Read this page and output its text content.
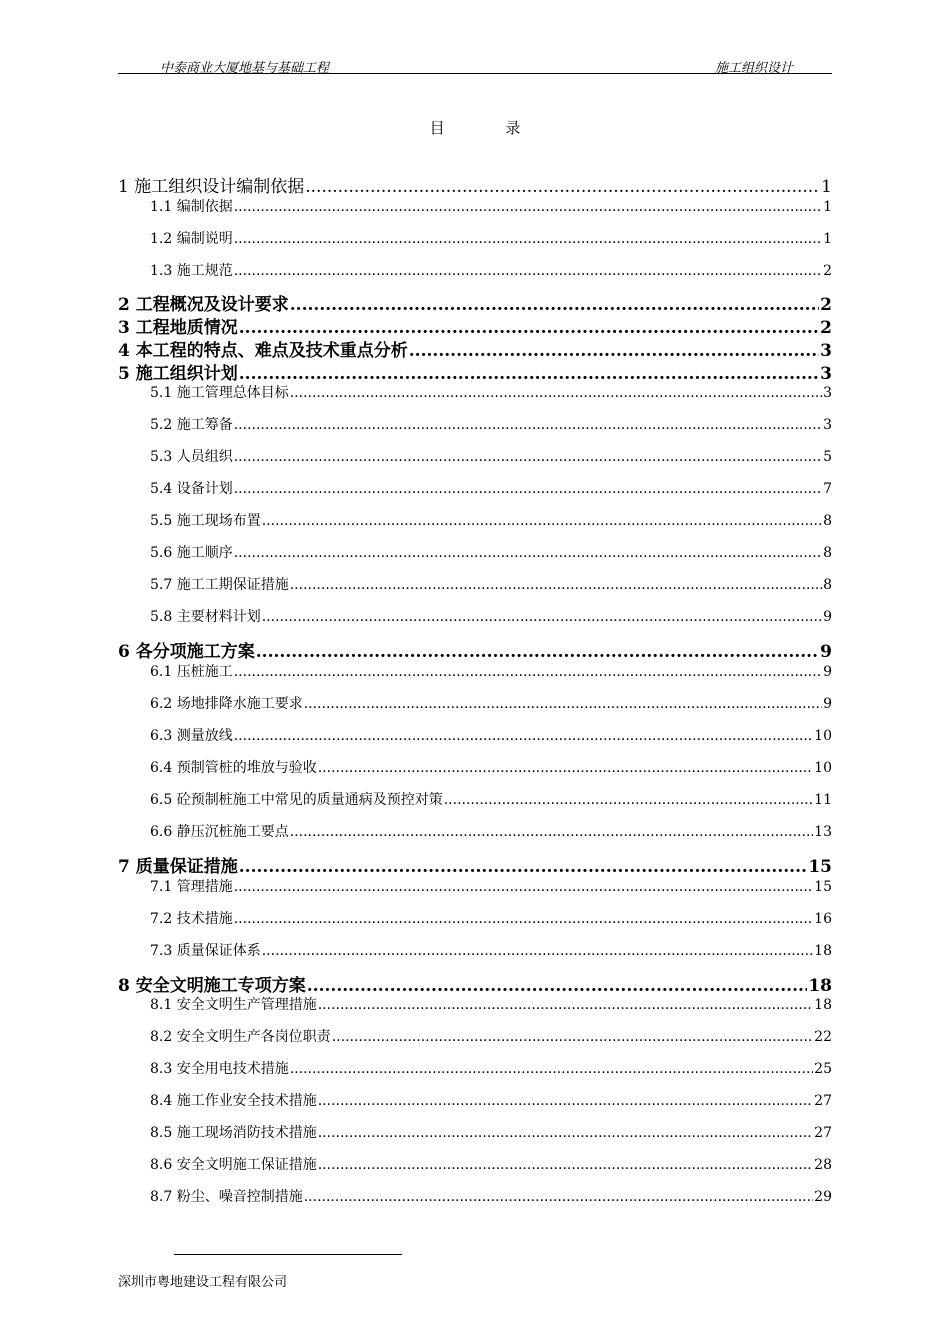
中泰商业大厦地基与基础工程	施工组织设计
目 录
1 施工组织设计编制依据 .....	1
1.1 编制依据 .....	1
1.2 编制说明 .....	1
1.3 施工规范 .....	2
2 工程概况及设计要求 .....	2
3 工程地质情况 .....	2
4 本工程的特点、难点及技术重点分析 .....	3
5 施工组织计划 .....	3
5.1 施工管理总体目标 .....	3
5.2 施工筹备 .....	3
5.3 人员组织 .....	5
5.4 设备计划 .....	7
5.5 施工现场布置 .....	8
5.6 施工顺序 .....	8
5.7 施工工期保证措施 .....	8
5.8 主要材料计划 .....	9
6 各分项施工方案 .....	9
6.1 压桩施工 .....	9
6.2 场地排降水施工要求 .....	9
6.3 测量放线 .....	10
6.4 预制管桩的堆放与验收 .....	10
6.5 砼预制桩施工中常见的质量通病及预控对策 .....	11
6.6 静压沉桩施工要点 .....	13
7 质量保证措施 .....	15
7.1 管理措施 .....	15
7.2 技术措施 .....	16
7.3 质量保证体系 .....	18
8 安全文明施工专项方案 .....	18
8.1 安全文明生产管理措施 .....	18
8.2 安全文明生产各岗位职责 .....	22
8.3 安全用电技术措施 .....	25
8.4 施工作业安全技术措施 .....	27
8.5 施工现场消防技术措施 .....	27
8.6 安全文明施工保证措施 .....	28
8.7 粉尘、噪音控制措施 .....	29
深圳市粤地建设工程有限公司
